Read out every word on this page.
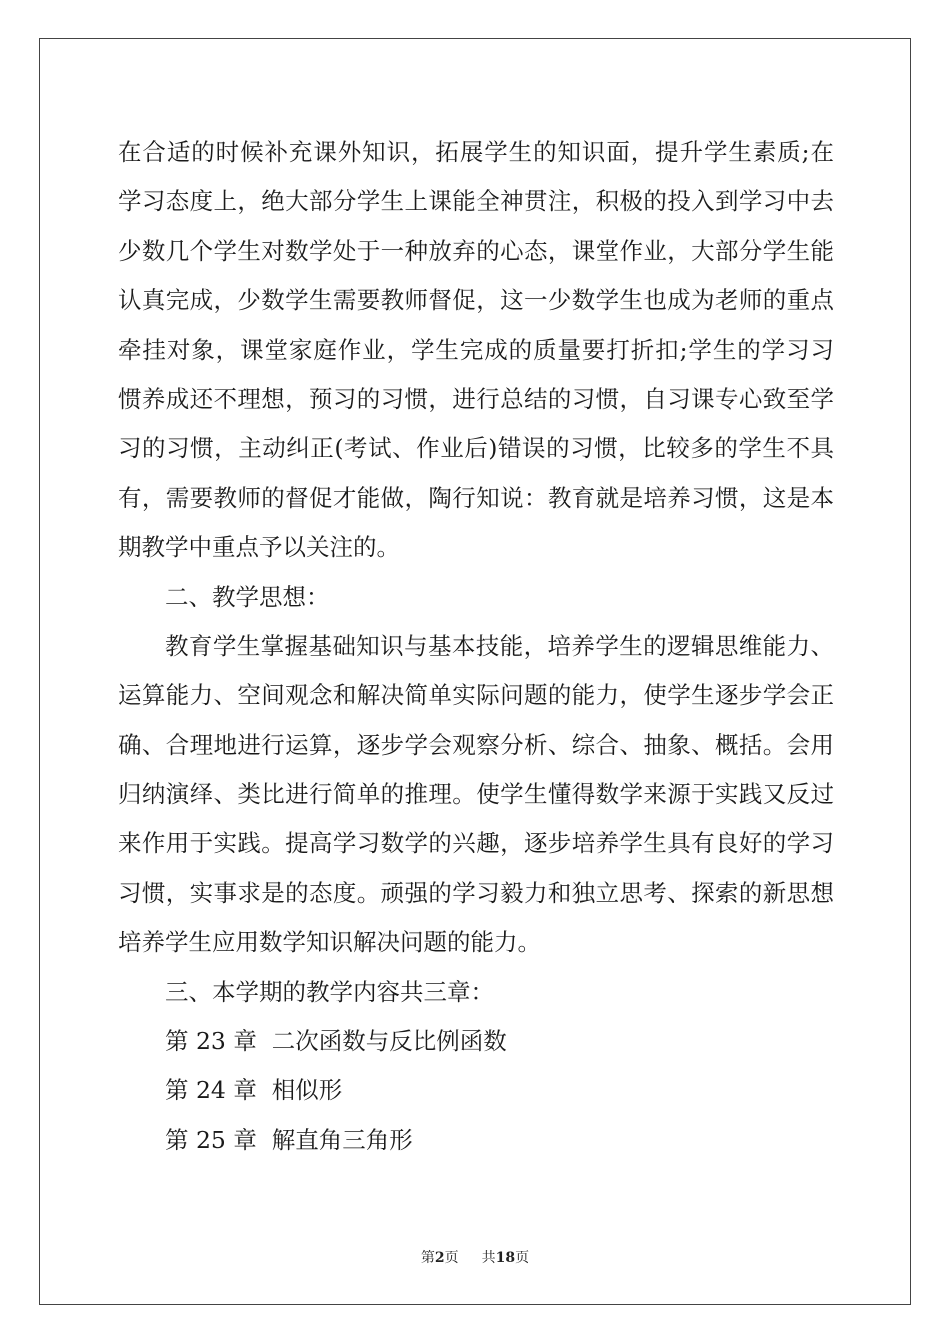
在合适的时候补充课外知识，拓展学生的知识面，提升学生素质;在
学习态度上，绝大部分学生上课能全神贯注，积极的投入到学习中去
少数几个学生对数学处于一种放弃的心态，课堂作业，大部分学生能
认真完成，少数学生需要教师督促，这一少数学生也成为老师的重点
牵挂对象，课堂家庭作业，学生完成的质量要打折扣;学生的学习习
惯养成还不理想，预习的习惯，进行总结的习惯，自习课专心致至学
习的习惯，主动纠正(考试、作业后)错误的习惯，比较多的学生不具
有，需要教师的督促才能做，陶行知说：教育就是培养习惯，这是本
期教学中重点予以关注的。
二、教学思想：
教育学生掌握基础知识与基本技能，培养学生的逻辑思维能力、
运算能力、空间观念和解决简单实际问题的能力，使学生逐步学会正
确、合理地进行运算，逐步学会观察分析、综合、抽象、概括。会用
归纳演绎、类比进行简单的推理。使学生懂得数学来源于实践又反过
来作用于实践。提高学习数学的兴趣，逐步培养学生具有良好的学习
习惯，实事求是的态度。顽强的学习毅力和独立思考、探索的新思想
培养学生应用数学知识解决问题的能力。
三、本学期的教学内容共三章：
第 23 章  二次函数与反比例函数
第 24 章  相似形
第 25 章  解直角三角形
第2页 共18页
